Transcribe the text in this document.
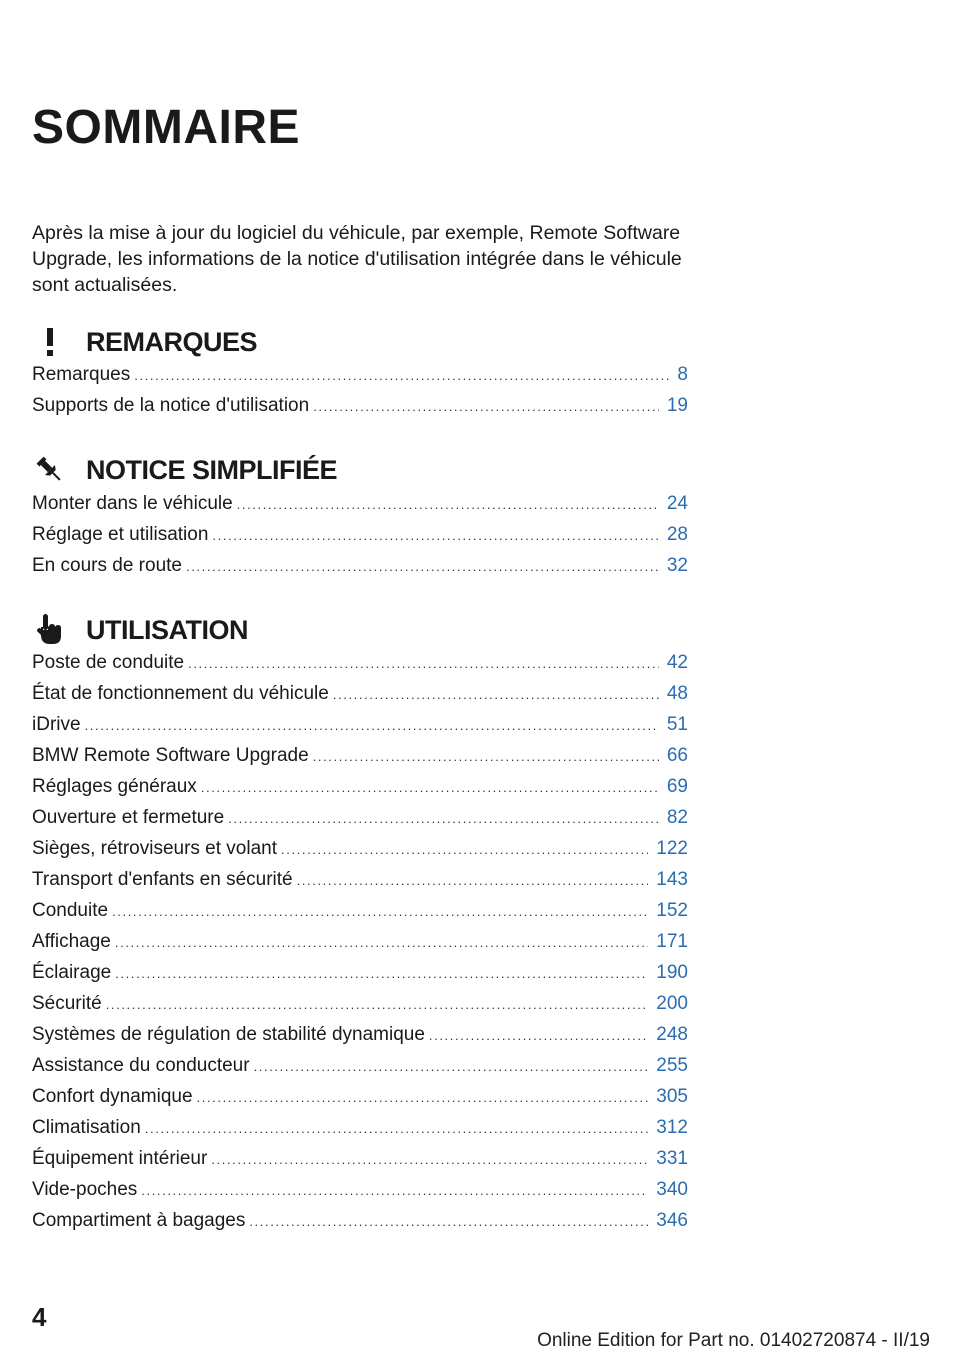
SOMMAIRE
Après la mise à jour du logiciel du véhicule, par exemple, Remote Software Upgrade, les informations de la notice d'utilisation intégrée dans le véhicule sont actualisées.
REMARQUES
Remarques .....	8
Supports de la notice d'utilisation .....	19
NOTICE SIMPLIFIÉE
Monter dans le véhicule .....	24
Réglage et utilisation .....	28
En cours de route .....	32
UTILISATION
Poste de conduite .....	42
État de fonctionnement du véhicule .....	48
iDrive .....	51
BMW Remote Software Upgrade .....	66
Réglages généraux .....	69
Ouverture et fermeture .....	82
Sièges, rétroviseurs et volant .....	122
Transport d'enfants en sécurité .....	143
Conduite .....	152
Affichage .....	171
Éclairage .....	190
Sécurité .....	200
Systèmes de régulation de stabilité dynamique .....	248
Assistance du conducteur .....	255
Confort dynamique .....	305
Climatisation .....	312
Équipement intérieur .....	331
Vide-poches .....	340
Compartiment à bagages .....	346
4
Online Edition for Part no. 01402720874 - II/19
